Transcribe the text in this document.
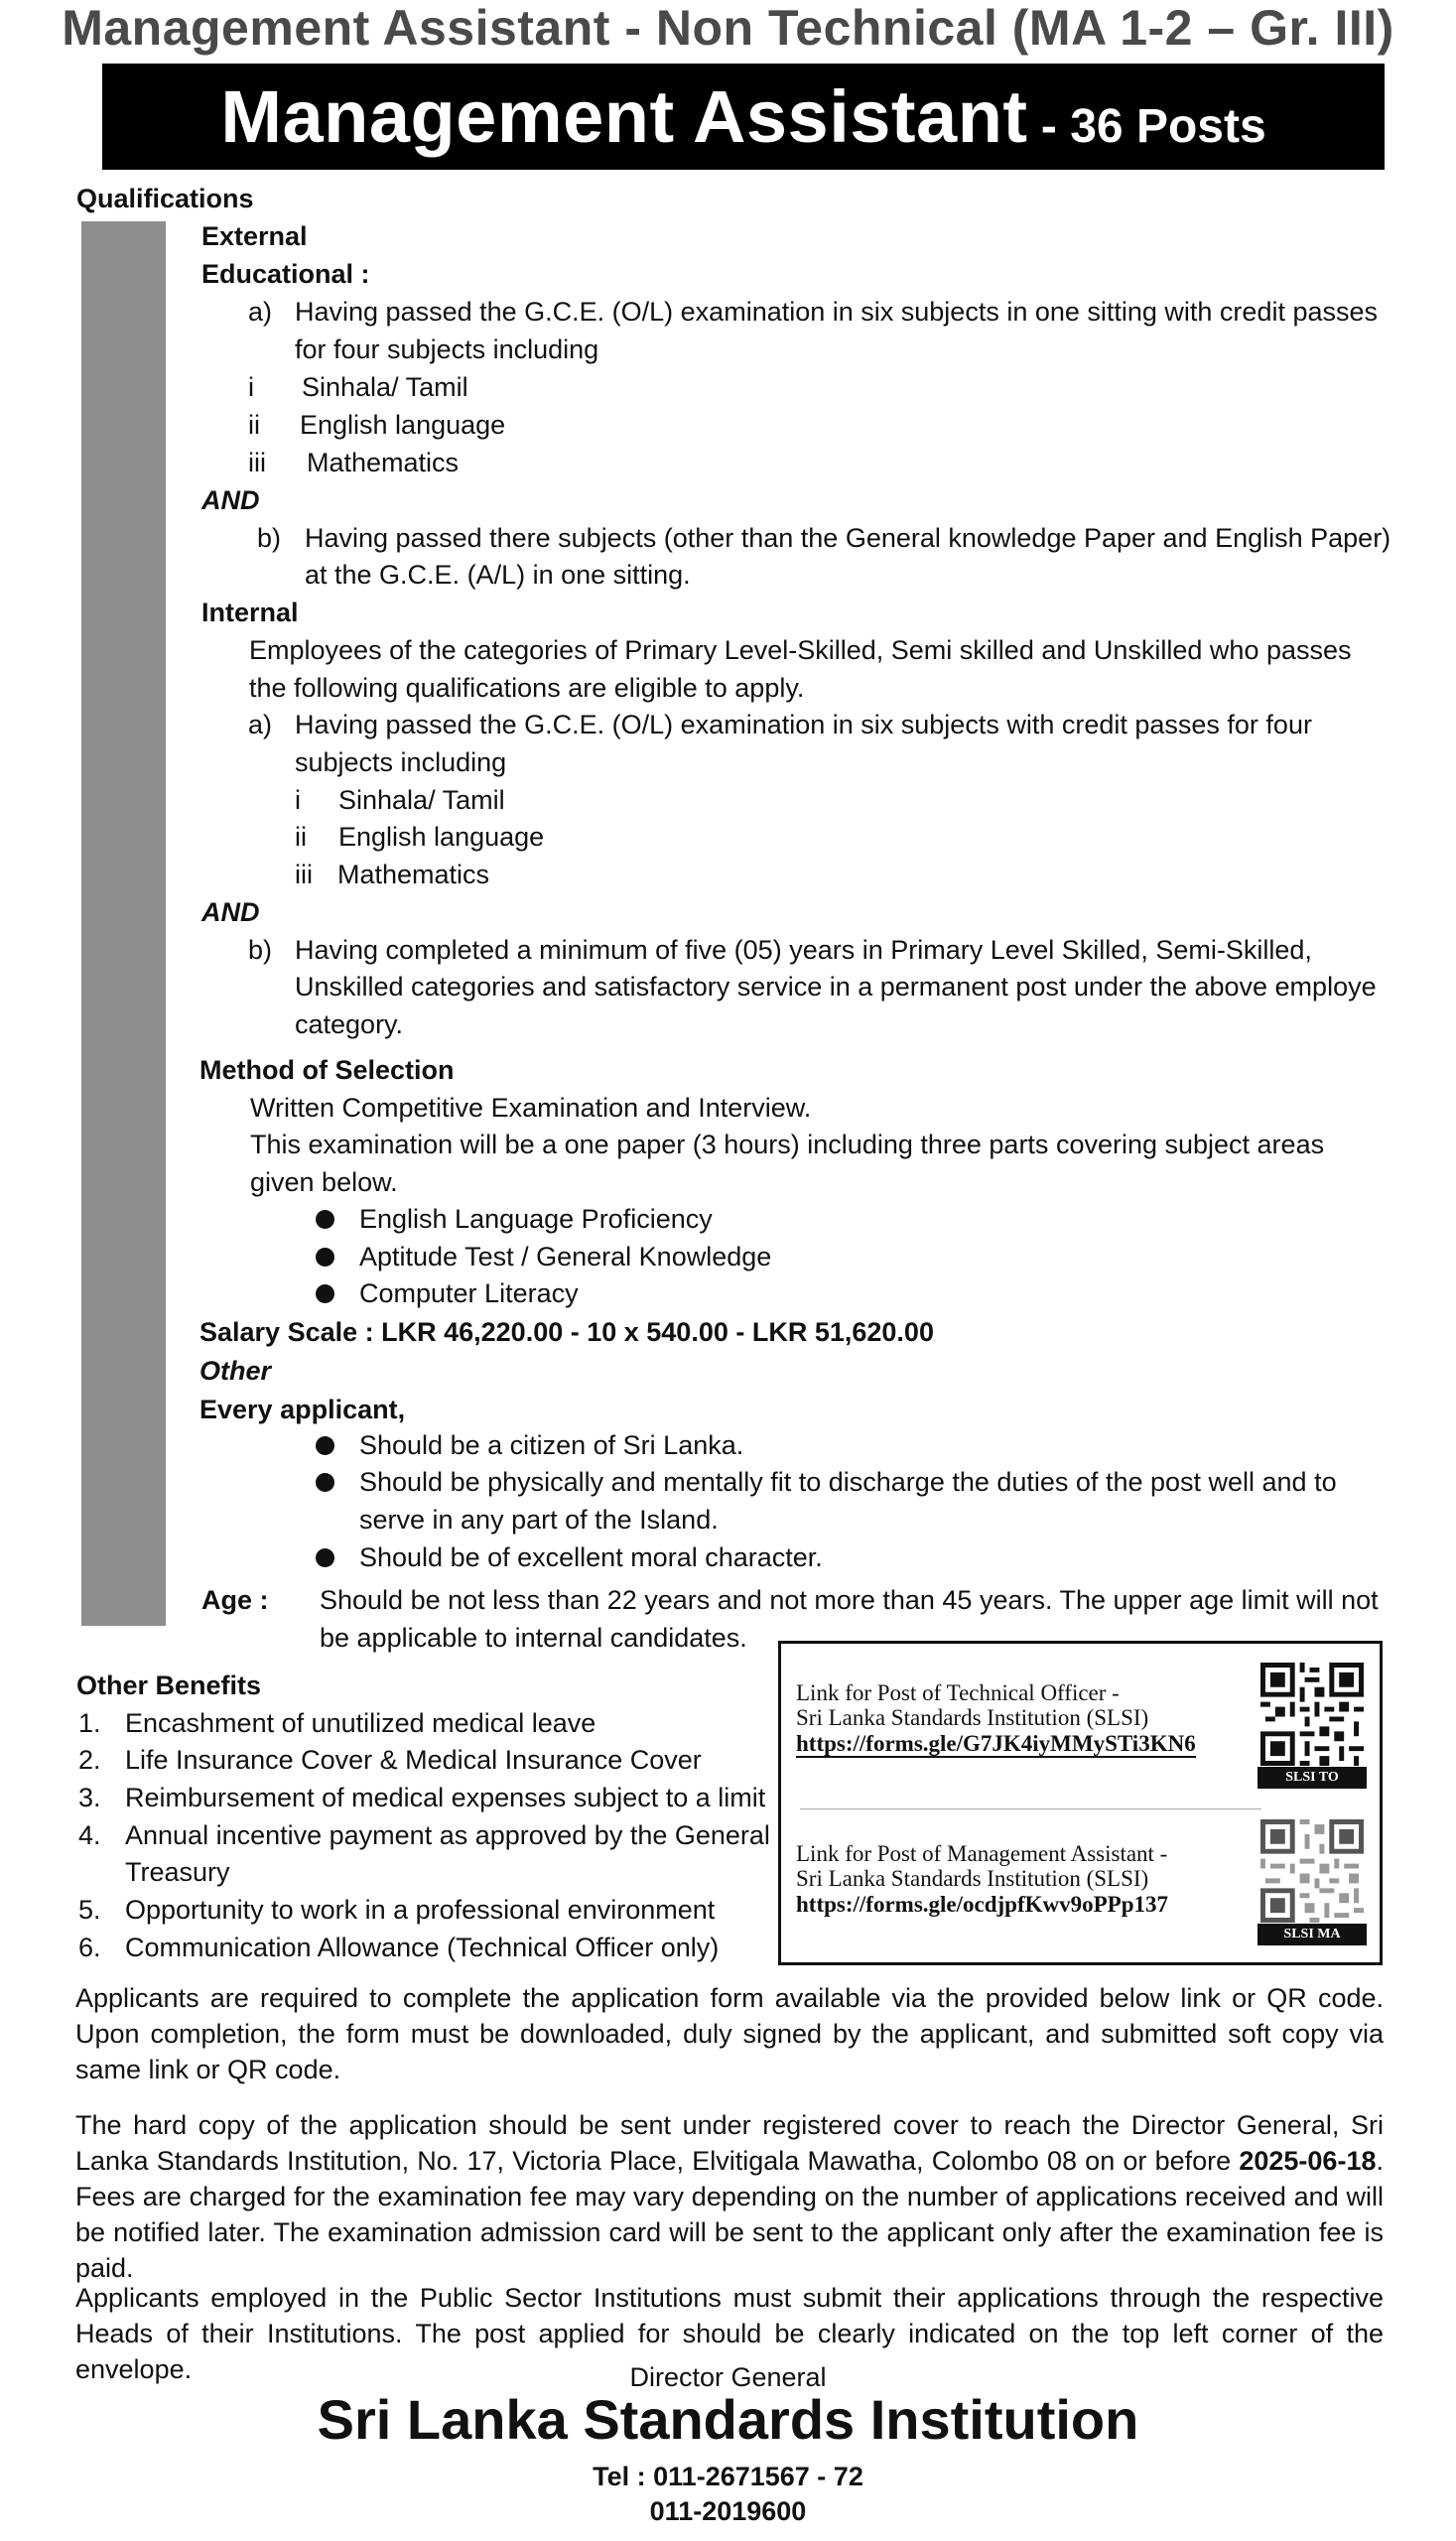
Management Assistant - Non Technical (MA 1-2 – Gr. III)
Management Assistant - 36 Posts
Qualifications
External
Educational :
a) Having passed the G.C.E. (O/L) examination in six subjects in one sitting with credit passes
for four subjects including
i Sinhala/ Tamil
ii English language
iii Mathematics
AND
b) Having passed there subjects (other than the General knowledge Paper and English Paper)
at the G.C.E. (A/L) in one sitting.
Internal
Employees of the categories of Primary Level-Skilled, Semi skilled and Unskilled who passes
the following qualifications are eligible to apply.
a) Having passed the G.C.E. (O/L) examination in six subjects with credit passes for four
subjects including
i Sinhala/ Tamil
ii English language
iii Mathematics
AND
b) Having completed a minimum of five (05) years in Primary Level Skilled, Semi-Skilled,
Unskilled categories and satisfactory service in a permanent post under the above employe
category.
Method of Selection
Written Competitive Examination and Interview.
This examination will be a one paper (3 hours) including three parts covering subject areas
given below.
English Language Proficiency
Aptitude Test / General Knowledge
Computer Literacy
Salary Scale : LKR 46,220.00 - 10 x 540.00 - LKR 51,620.00
Other
Every applicant,
Should be a citizen of Sri Lanka.
Should be physically and mentally fit to discharge the duties of the post well and to
serve in any part of the Island.
Should be of excellent moral character.
Age : Should be not less than 22 years and not more than 45 years. The upper age limit will not
be applicable to internal candidates.
Other Benefits
1. Encashment of unutilized medical leave
2. Life Insurance Cover & Medical Insurance Cover
3. Reimbursement of medical expenses subject to a limit
4. Annual incentive payment as approved by the General
Treasury
5. Opportunity to work in a professional environment
6. Communication Allowance (Technical Officer only)
Link for Post of Technical Officer -
Sri Lanka Standards Institution (SLSI)
https://forms.gle/G7JK4iyMMySTi3KN6
SLSI TO
Link for Post of Management Assistant -
Sri Lanka Standards Institution (SLSI)
https://forms.gle/ocdjpfKwv9oPPp137
SLSI MA
Applicants are required to complete the application form available via the provided below link or QR code. Upon completion, the form must be downloaded, duly signed by the applicant, and submitted soft copy via same link or QR code.
The hard copy of the application should be sent under registered cover to reach the Director General, Sri Lanka Standards Institution, No. 17, Victoria Place, Elvitigala Mawatha, Colombo 08 on or before 2025-06-18. Fees are charged for the examination fee may vary depending on the number of applications received and will be notified later. The examination admission card will be sent to the applicant only after the examination fee is paid.
Applicants employed in the Public Sector Institutions must submit their applications through the respective Heads of their Institutions. The post applied for should be clearly indicated on the top left corner of the envelope.	Director General
Sri Lanka Standards Institution
Tel : 011-2671567 - 72
011-2019600
